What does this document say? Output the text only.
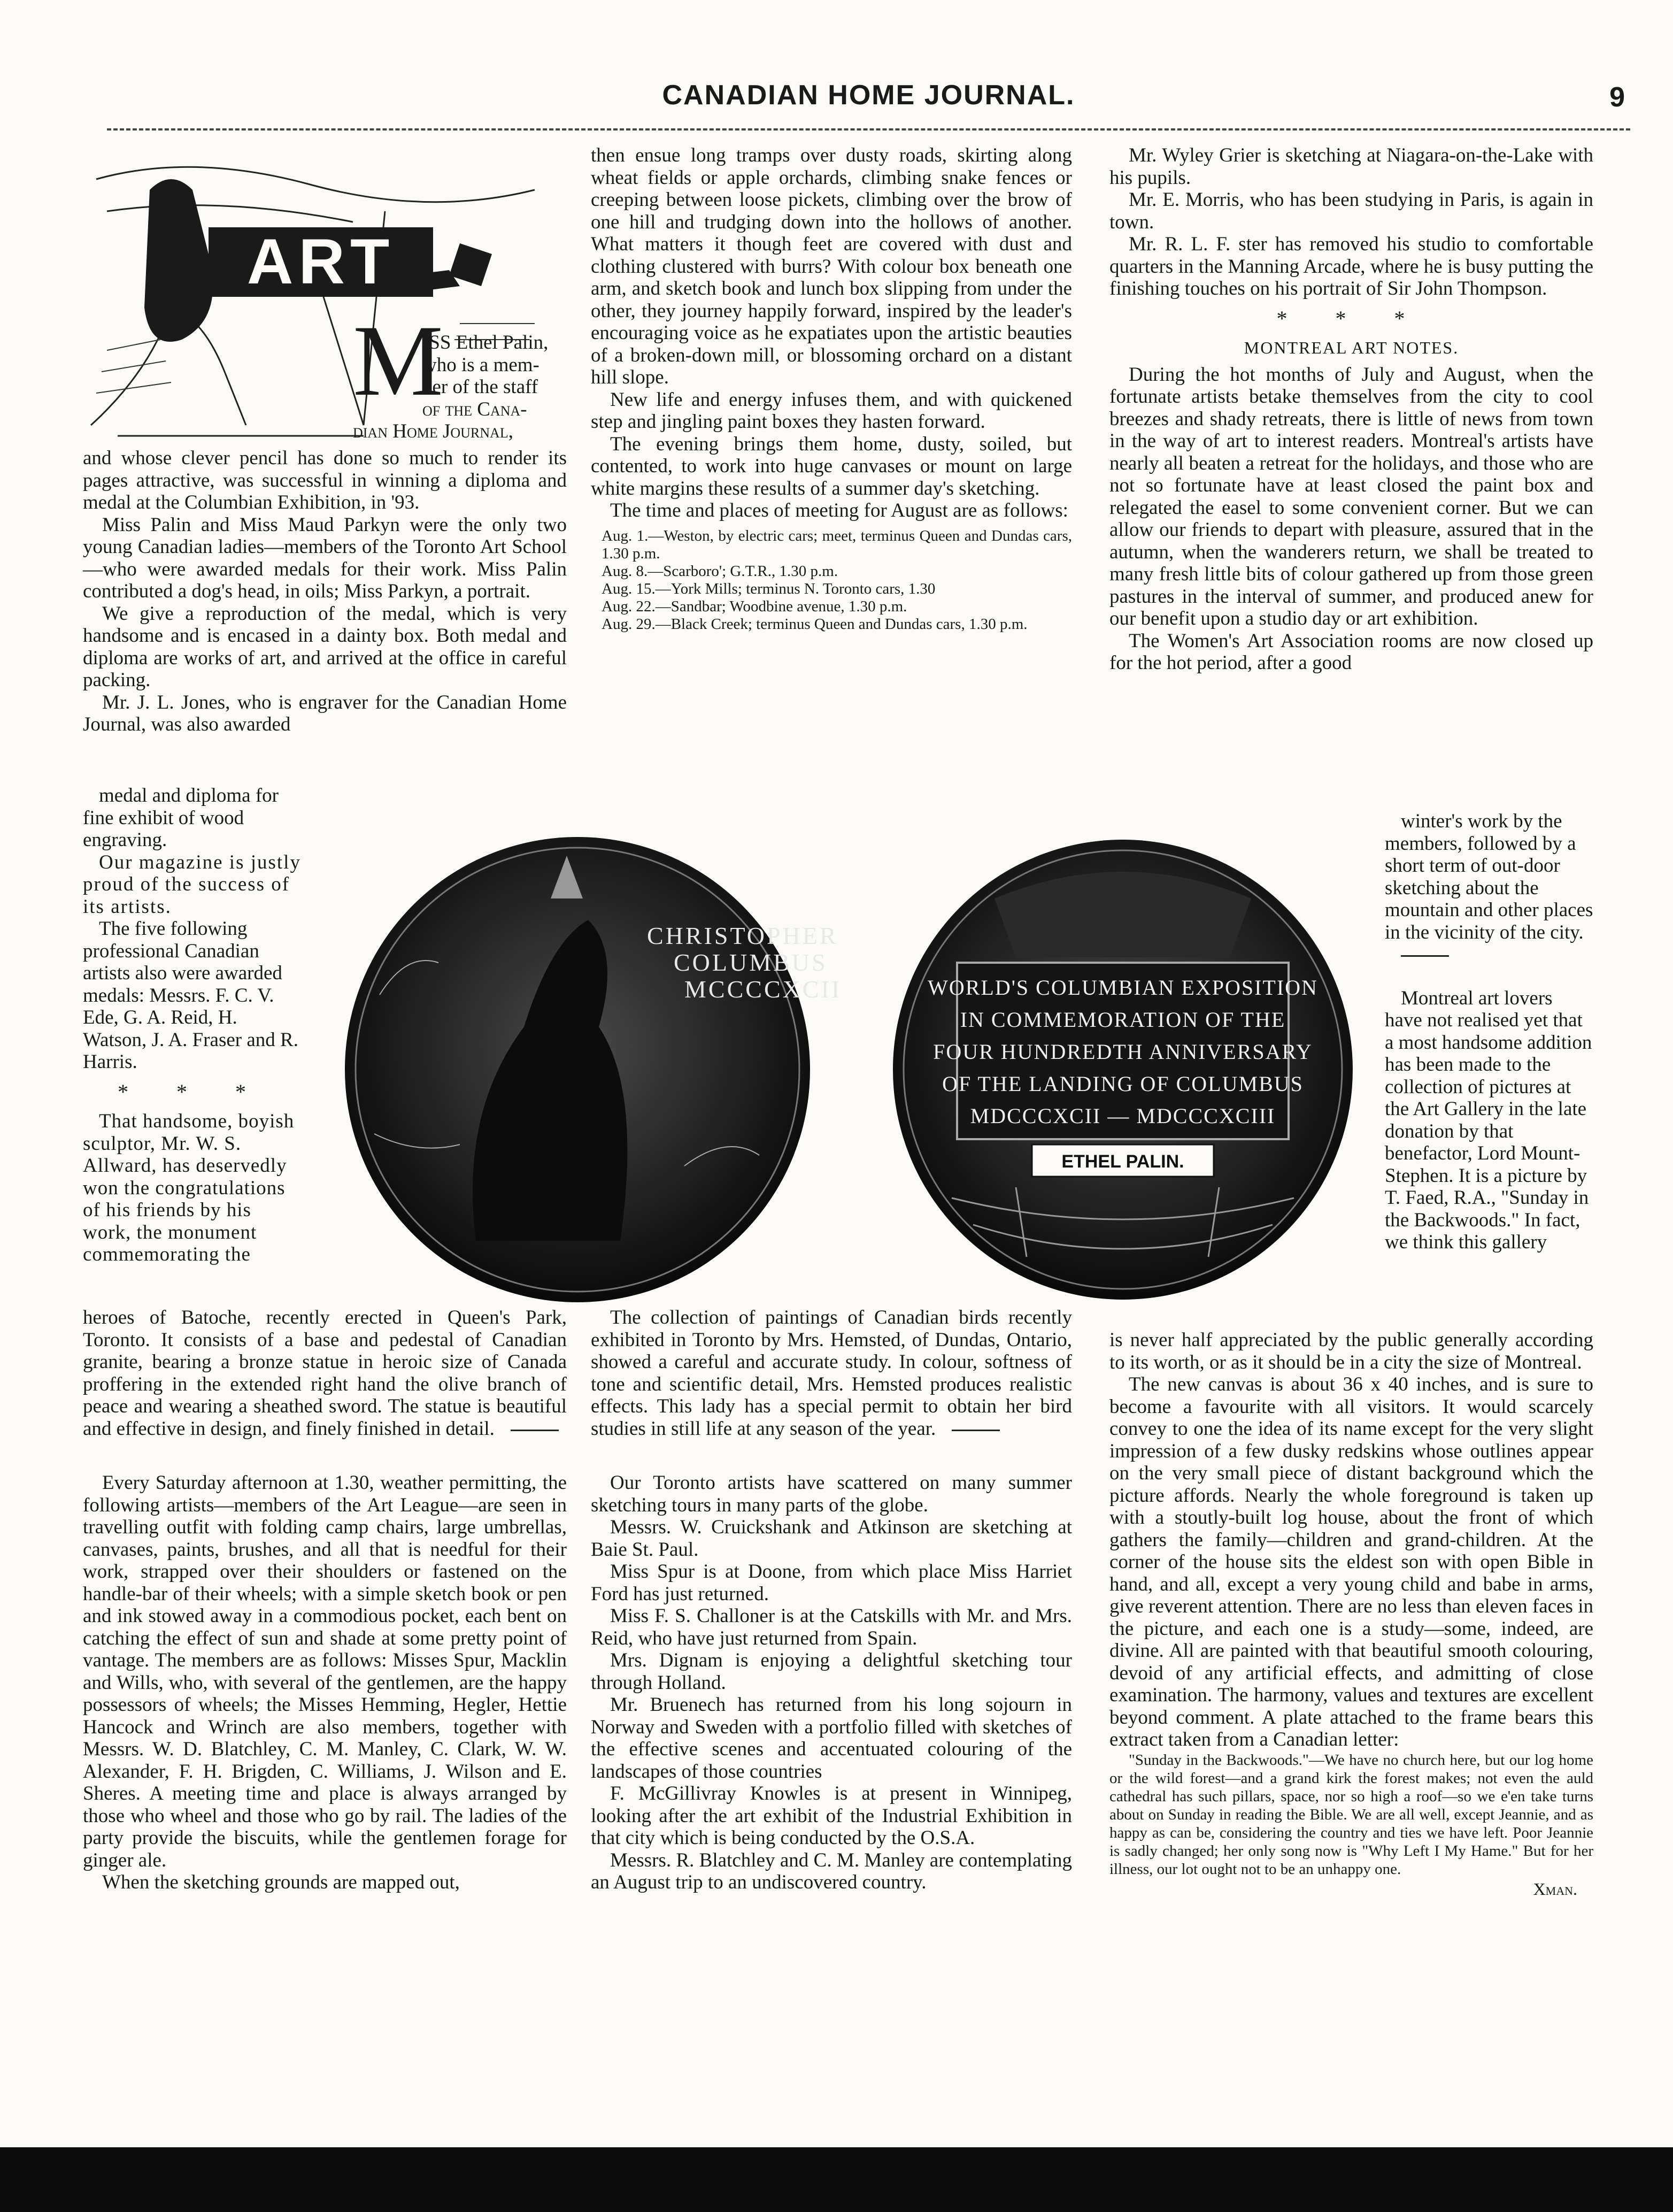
CANADIAN HOME JOURNAL.	9
ART
M
ISS Ethel Palin,
who is a mem-
ber of the staff
of the Cana-
dian Home Journal,

and whose clever pencil has done so much to render its pages attractive, was successful in winning a diploma and medal at the Columbian Exhibition, in '93.

Miss Palin and Miss Maud Parkyn were the only two young Canadian ladies—members of the Toronto Art School—who were awarded medals for their work. Miss Palin contributed a dog's head, in oils; Miss Parkyn, a portrait.

We give a reproduction of the medal, which is very handsome and is encased in a dainty box. Both medal and diploma are works of art, and arrived at the office in careful packing.

Mr. J. L. Jones, who is engraver for the Canadian Home Journal, was also awarded

medal and diploma for fine exhibit of wood engraving.

Our magazine is justly proud of the success of its artists.

The five following professional Canadian artists also were awarded medals: Messrs. F. C. V. Ede, G. A. Reid, H. Watson, J. A. Fraser and R. Harris.

* * *

That handsome, boyish sculptor, Mr. W. S. Allward, has deservedly won the congratulations of his friends by his work, the monument commemorating the

heroes of Batoche, recently erected in Queen's Park, Toronto. It consists of a base and pedestal of Canadian granite, bearing a bronze statue in heroic size of Canada proffering in the extended right hand the olive branch of peace and wearing a sheathed sword. The statue is beautiful and effective in design, and finely finished in detail.

Every Saturday afternoon at 1.30, weather permitting, the following artists—members of the Art League—are seen in travelling outfit with folding camp chairs, large umbrellas, canvases, paints, brushes, and all that is needful for their work, strapped over their shoulders or fastened on the handle-bar of their wheels; with a simple sketch book or pen and ink stowed away in a commodious pocket, each bent on catching the effect of sun and shade at some pretty point of vantage. The members are as follows: Misses Spur, Macklin and Wills, who, with several of the gentlemen, are the happy possessors of wheels; the Misses Hemming, Hegler, Hettie Hancock and Wrinch are also members, together with Messrs. W. D. Blatchley, C. M. Manley, C. Clark, W. W. Alexander, F. H. Brigden, C. Williams, J. Wilson and E. Sheres. A meeting time and place is always arranged by those who wheel and those who go by rail. The ladies of the party provide the biscuits, while the gentlemen forage for ginger ale.

When the sketching grounds are mapped out,

then ensue long tramps over dusty roads, skirting along wheat fields or apple orchards, climbing snake fences or creeping between loose pickets, climbing over the brow of one hill and trudging down into the hollows of another. What matters it though feet are covered with dust and clothing clustered with burrs? With colour box beneath one arm, and sketch book and lunch box slipping from under the other, they journey happily forward, inspired by the leader's encouraging voice as he expatiates upon the artistic beauties of a broken-down mill, or blossoming orchard on a distant hill slope.

New life and energy infuses them, and with quickened step and jingling paint boxes they hasten forward.

The evening brings them home, dusty, soiled, but contented, to work into huge canvases or mount on large white margins these results of a summer day's sketching.

The time and places of meeting for August are as follows:

Aug. 1.—Weston, by electric cars; meet, terminus Queen and Dundas cars, 1.30 p.m.

Aug. 8.—Scarboro'; G.T.R., 1.30 p.m.

Aug. 15.—York Mills; terminus N. Toronto cars, 1.30

Aug. 22.—Sandbar; Woodbine avenue, 1.30 p.m.

Aug. 29.—Black Creek; terminus Queen and Dundas cars, 1.30 p.m.

CHRISTOPHER
COLUMBUS
MCCCCXCII	WORLD'S COLUMBIAN EXPOSITION
IN COMMEMORATION OF THE
FOUR HUNDREDTH ANNIVERSARY
OF THE LANDING OF COLUMBUS
MDCCCXCII — MDCCCXCIII
ETHEL PALIN.

The collection of paintings of Canadian birds recently exhibited in Toronto by Mrs. Hemsted, of Dundas, Ontario, showed a careful and accurate study. In colour, softness of tone and scientific detail, Mrs. Hemsted produces realistic effects. This lady has a special permit to obtain her bird studies in still life at any season of the year.

Our Toronto artists have scattered on many summer sketching tours in many parts of the globe.

Messrs. W. Cruickshank and Atkinson are sketching at Baie St. Paul.

Miss Spur is at Doone, from which place Miss Harriet Ford has just returned.

Miss F. S. Challoner is at the Catskills with Mr. and Mrs. Reid, who have just returned from Spain.

Mrs. Dignam is enjoying a delightful sketching tour through Holland.

Mr. Bruenech has returned from his long sojourn in Norway and Sweden with a portfolio filled with sketches of the effective scenes and accentuated colouring of the landscapes of those countries

F. McGillivray Knowles is at present in Winnipeg, looking after the art exhibit of the Industrial Exhibition in that city which is being conducted by the O.S.A.

Messrs. R. Blatchley and C. M. Manley are contemplating an August trip to an undiscovered country.

Mr. Wyley Grier is sketching at Niagara-on-the-Lake with his pupils.

Mr. E. Morris, who has been studying in Paris, is again in town.

Mr. R. L. F. ster has removed his studio to comfortable quarters in the Manning Arcade, where he is busy putting the finishing touches on his portrait of Sir John Thompson.

* * *
MONTREAL ART NOTES.

During the hot months of July and August, when the fortunate artists betake themselves from the city to cool breezes and shady retreats, there is little of news from town in the way of art to interest readers. Montreal's artists have nearly all beaten a retreat for the holidays, and those who are not so fortunate have at least closed the paint box and relegated the easel to some convenient corner. But we can allow our friends to depart with pleasure, assured that in the autumn, when the wanderers return, we shall be treated to many fresh little bits of colour gathered up from those green pastures in the interval of summer, and produced anew for our benefit upon a studio day or art exhibition.

The Women's Art Association rooms are now closed up for the hot period, after a good

winter's work by the members, followed by a short term of out-door sketching about the mountain and other places in the vicinity of the city.

Montreal art lovers have not realised yet that a most handsome addition has been made to the collection of pictures at the Art Gallery in the late donation by that benefactor, Lord Mount-Stephen. It is a picture by T. Faed, R.A., "Sunday in the Backwoods." In fact, we think this gallery

is never half appreciated by the public generally according to its worth, or as it should be in a city the size of Montreal.

The new canvas is about 36 x 40 inches, and is sure to become a favourite with all visitors. It would scarcely convey to one the idea of its name except for the very slight impression of a few dusky redskins whose outlines appear on the very small piece of distant background which the picture affords. Nearly the whole foreground is taken up with a stoutly-built log house, about the front of which gathers the family—children and grand-children. At the corner of the house sits the eldest son with open Bible in hand, and all, except a very young child and babe in arms, give reverent attention. There are no less than eleven faces in the picture, and each one is a study—some, indeed, are divine. All are painted with that beautiful smooth colouring, devoid of any artificial effects, and admitting of close examination. The harmony, values and textures are excellent beyond comment. A plate attached to the frame bears this extract taken from a Canadian letter:

"Sunday in the Backwoods."—We have no church here, but our log home or the wild forest—and a grand kirk the forest makes; not even the auld cathedral has such pillars, space, nor so high a roof—so we e'en take turns about on Sunday in reading the Bible. We are all well, except Jeannie, and as happy as can be, considering the country and ties we have left. Poor Jeannie is sadly changed; her only song now is "Why Left I My Hame." But for her illness, our lot ought not to be an unhappy one.

Xman.
